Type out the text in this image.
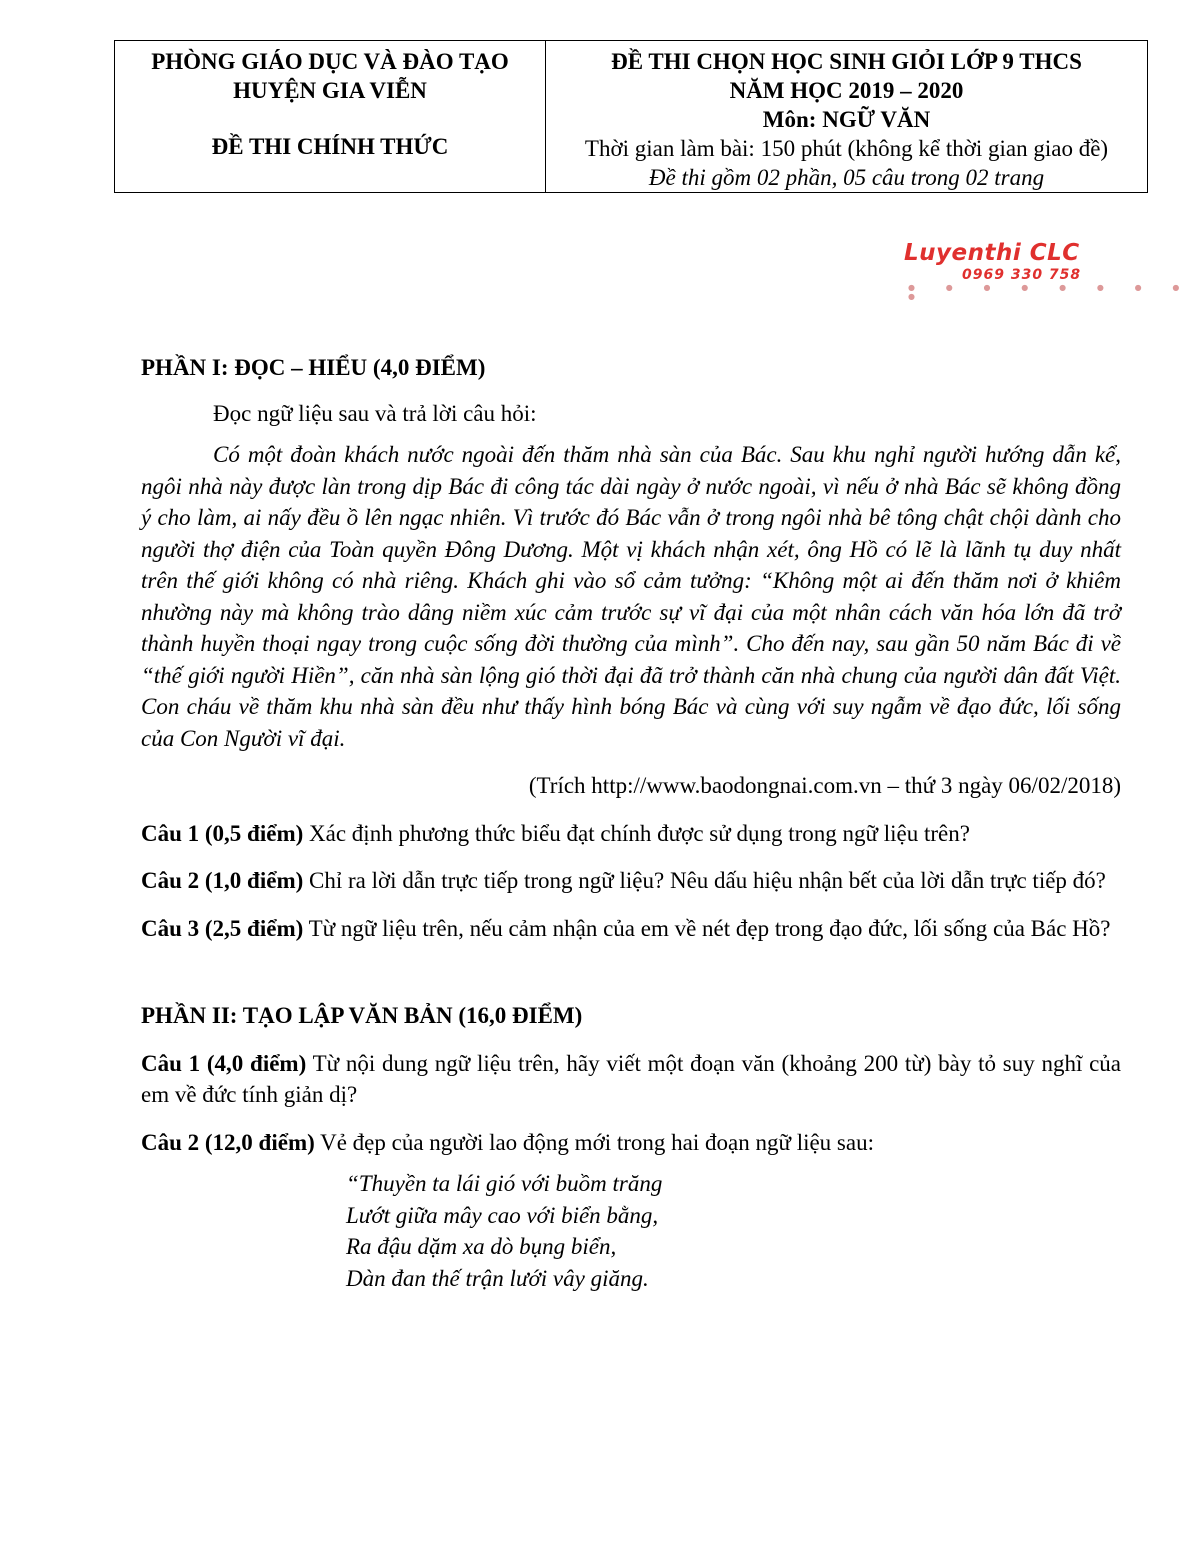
PHÒNG GIÁO DỤC VÀ ĐÀO TẠO
HUYỆN GIA VIỄN
ĐỀ THI CHÍNH THỨC

ĐỀ THI CHỌN HỌC SINH GIỎI LỚP 9 THCS
NĂM HỌC 2019 – 2020
Môn: NGỮ VĂN
Thời gian làm bài: 150 phút (không kể thời gian giao đề)
Đề thi gồm 02 phần, 05 câu trong 02 trang
Luyenthi CLC
0969 330 758
● ● ● ● ● ● ● ● ●

PHẦN I: ĐỌC – HIỂU (4,0 ĐIỂM)

Đọc ngữ liệu sau và trả lời câu hỏi:

Có một đoàn khách nước ngoài đến thăm nhà sàn của Bác. Sau khu nghỉ người hướng dẫn kể, ngôi nhà này được làn trong dịp Bác đi công tác dài ngày ở nước ngoài, vì nếu ở nhà Bác sẽ không đồng ý cho làm, ai nấy đều ồ lên ngạc nhiên. Vì trước đó Bác vẫn ở trong ngôi nhà bê tông chật chội dành cho người thợ điện của Toàn quyền Đông Dương. Một vị khách nhận xét, ông Hồ có lẽ là lãnh tụ duy nhất trên thế giới không có nhà riêng. Khách ghi vào sổ cảm tưởng: “Không một ai đến thăm nơi ở khiêm nhường này mà không trào dâng niềm xúc cảm trước sự vĩ đại của một nhân cách văn hóa lớn đã trở thành huyền thoại ngay trong cuộc sống đời thường của mình”. Cho đến nay, sau gần 50 năm Bác đi về “thế giới người Hiền”, căn nhà sàn lộng gió thời đại đã trở thành căn nhà chung của người dân đất Việt. Con cháu về thăm khu nhà sàn đều như thấy hình bóng Bác và cùng với suy ngẫm về đạo đức, lối sống của Con Người vĩ đại.

(Trích http://www.baodongnai.com.vn – thứ 3 ngày 06/02/2018)

Câu 1 (0,5 điểm) Xác định phương thức biểu đạt chính được sử dụng trong ngữ liệu trên?

Câu 2 (1,0 điểm) Chỉ ra lời dẫn trực tiếp trong ngữ liệu? Nêu dấu hiệu nhận bết của lời dẫn trực tiếp đó?

Câu 3 (2,5 điểm) Từ ngữ liệu trên, nếu cảm nhận của em về nét đẹp trong đạo đức, lối sống của Bác Hồ?

PHẦN II: TẠO LẬP VĂN BẢN (16,0 ĐIỂM)

Câu 1 (4,0 điểm) Từ nội dung ngữ liệu trên, hãy viết một đoạn văn (khoảng 200 từ) bày tỏ suy nghĩ của em về đức tính giản dị?

Câu 2 (12,0 điểm) Vẻ đẹp của người lao động mới trong hai đoạn ngữ liệu sau:

“Thuyền ta lái gió với buồm trăng
Lướt giữa mây cao với biển bằng,
Ra đậu dặm xa dò bụng biển,
Dàn đan thế trận lưới vây giăng.
